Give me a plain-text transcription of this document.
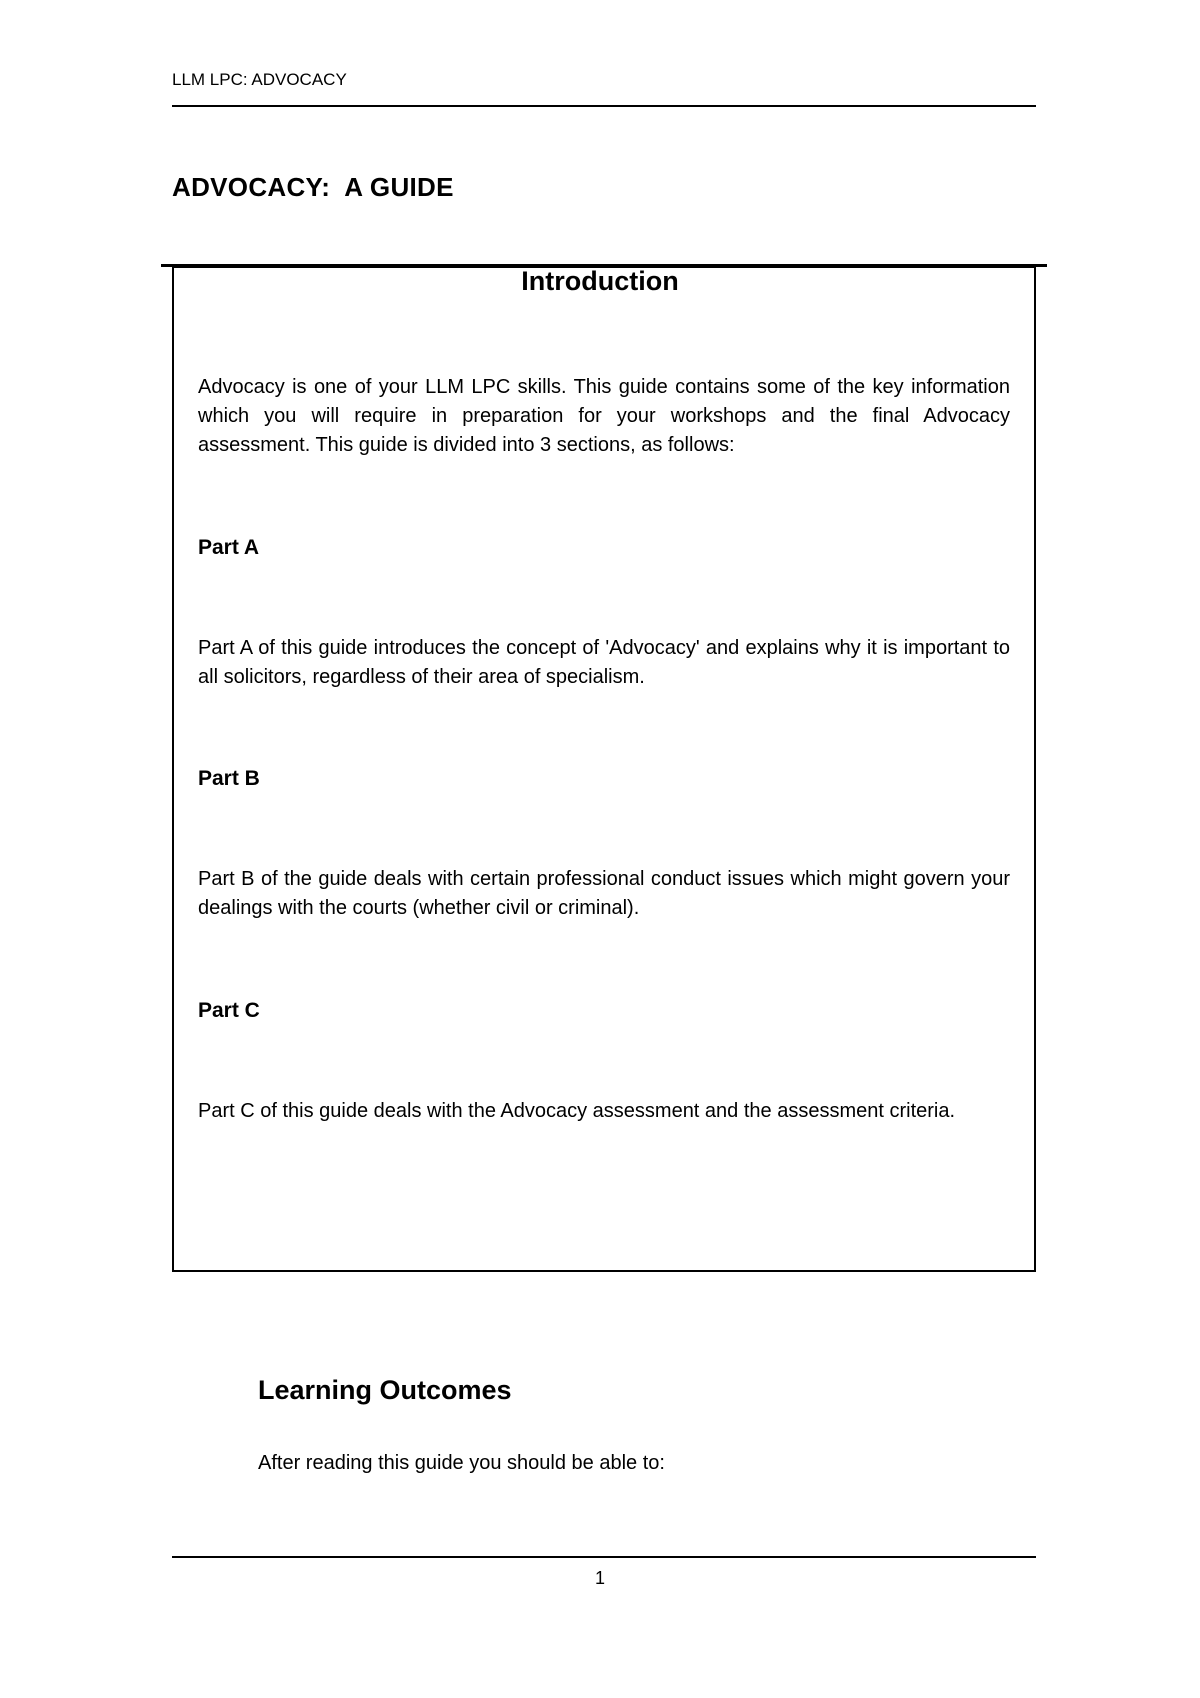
LLM LPC: ADVOCACY
ADVOCACY:  A GUIDE
Introduction
Advocacy is one of your LLM LPC skills. This guide contains some of the key information which you will require in preparation for your workshops and the final Advocacy assessment. This guide is divided into 3 sections, as follows:
Part A
Part A of this guide introduces the concept of 'Advocacy' and explains why it is important to all solicitors, regardless of their area of specialism.
Part B
Part B of the guide deals with certain professional conduct issues which might govern your dealings with the courts (whether civil or criminal).
Part C
Part C of this guide deals with the Advocacy assessment and the assessment criteria.
Learning Outcomes
After reading this guide you should be able to:
1
